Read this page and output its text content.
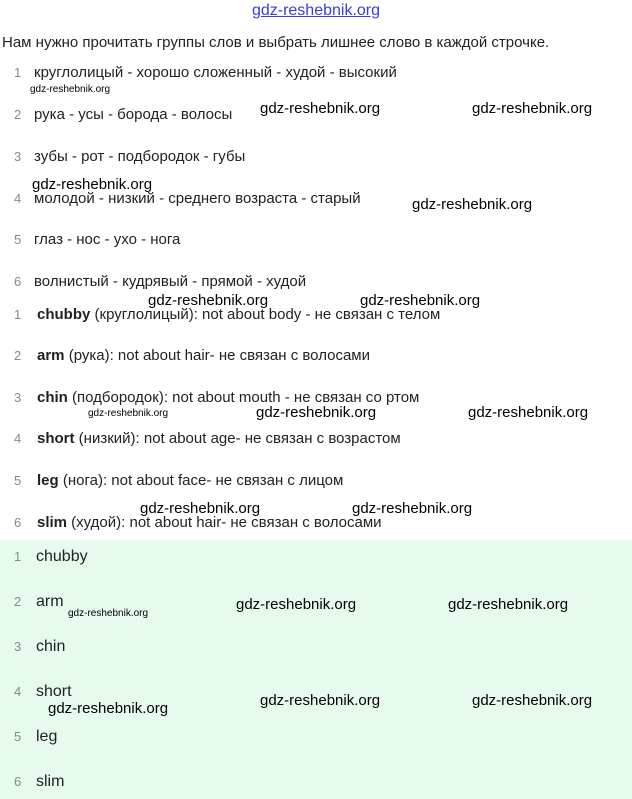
gdz-reshebnik.org
Нам нужно прочитать группы слов и выбрать лишнее слово в каждой строчке.
1 круглолицый - хорошо сложенный - худой - высокий
2 рука - усы - борода - волосы
3 зубы - рот - подбородок - губы
4 молодой - низкий - среднего возраста - старый
5 глаз - нос - ухо - нога
6 волнистый - кудрявый - прямой - худой
1	chubby (круглолицый): not about body - не связан с телом
2	arm (рука): not about hair- не связан с волосами
3	chin (подбородок): not about mouth - не связан со ртом
4	short (низкий): not about age- не связан с возрастом
5	leg (нога): not about face- не связан с лицом
6	slim (худой): not about hair- не связан с волосами
1 chubby
2 arm
3 chin
4 short
5 leg
6 slim
gdz-reshebnik.org
gdz-reshebnik.org	gdz-reshebnik.org
gdz-reshebnik.org
gdz-reshebnik.org
gdz-reshebnik.org	gdz-reshebnik.org
gdz-reshebnik.org	gdz-reshebnik.org	gdz-reshebnik.org
gdz-reshebnik.org	gdz-reshebnik.org
gdz-reshebnik.org
gdz-reshebnik.org	gdz-reshebnik.org
gdz-reshebnik.org	gdz-reshebnik.org
gdz-reshebnik.org
